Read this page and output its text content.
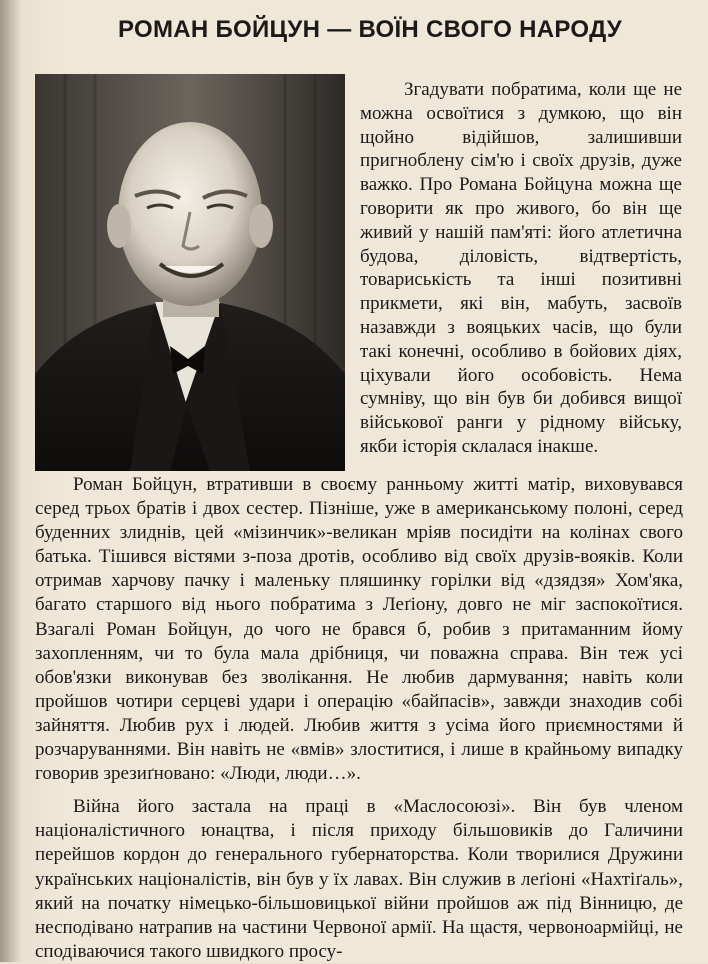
РОМАН БОЙЦУН — ВОЇН СВОГО НАРОДУ

Згадувати побратима, коли ще не можна освоїтися з думкою, що він щойно відійшов, залишивши пригноблену сім'ю і своїх друзів, дуже важко. Про Романа Бойцуна можна ще говорити як про живого, бо він ще живий у нашій пам'яті: його атлетична будова, діловість, відтвертість, товариськість та інші позитивні прикмети, які він, мабуть, засвоїв назавжди з вояцьких часів, що були такі конечні, особливо в бойових діях, ціхували його особовість. Нема сумніву, що він був би добився вищої військової ранги у рідному війську, якби історія склалася інакше.

Роман Бойцун, втративши в своєму ранньому житті матір, виховувався серед трьох братів і двох сестер. Пізніше, уже в американському полоні, серед буденних злиднів, цей «мізинчик»-великан мріяв посидіти на колінах свого батька. Тішився вістями з-поза дротів, особливо від своїх друзів-вояків. Коли отримав харчову пачку і маленьку пляшинку горілки від «дзядзя» Хом'яка, багато старшого від нього побратима з Леґіону, довго не міг заспокоїтися. Взагалі Роман Бойцун, до чого не брався б, робив з притаманним йому захопленням, чи то була мала дрібниця, чи поважна справа. Він теж усі обов'язки виконував без зволікання. Не любив дармування; навіть коли пройшов чотири серцеві удари і операцію «байпасів», завжди знаходив собі зайняття. Любив рух і людей. Любив життя з усіма його приємностями й розчаруваннями. Він навіть не «вмів» злоститися, і лише в крайньому випадку говорив зрезиґновано: «Люди, люди…».

Війна його застала на праці в «Маслосоюзі». Він був членом націоналістичного юнацтва, і після приходу більшовиків до Галичини перейшов кордон до генерального губернаторства. Коли творилися Дружини українських націоналістів, він був у їх лавах. Він служив в леґіоні «Нахтіґаль», який на початку німецько-більшовицької війни пройшов аж під Вінницю, де несподівано натрапив на частини Червоної армії. На щастя, червоноармійці, не сподіваючися такого швидкого просу-
